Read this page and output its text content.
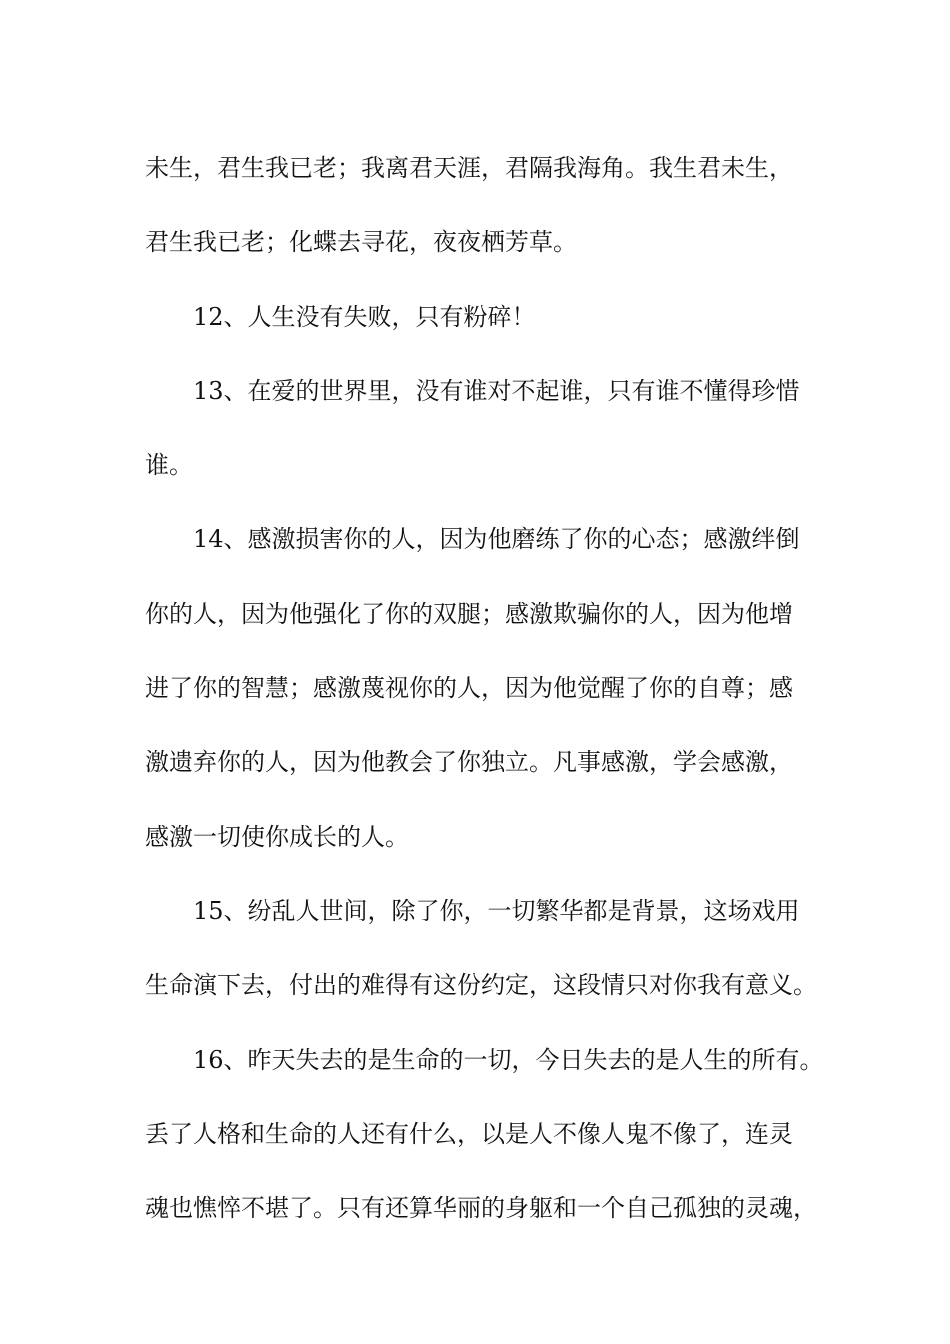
未生，君生我已老；我离君天涯，君隔我海角。我生君未生，
君生我已老；化蝶去寻花，夜夜栖芳草。

12、人生没有失败，只有粉碎！

13、在爱的世界里，没有谁对不起谁，只有谁不懂得珍惜
谁。

14、感激损害你的人，因为他磨练了你的心态；感激绊倒
你的人，因为他强化了你的双腿；感激欺骗你的人，因为他增
进了你的智慧；感激蔑视你的人，因为他觉醒了你的自尊；感
激遗弃你的人，因为他教会了你独立。凡事感激，学会感激，
感激一切使你成长的人。

15、纷乱人世间，除了你，一切繁华都是背景，这场戏用
生命演下去，付出的难得有这份约定，这段情只对你我有意义。

16、昨天失去的是生命的一切，今日失去的是人生的所有。
丢了人格和生命的人还有什么，以是人不像人鬼不像了，连灵
魂也憔悴不堪了。只有还算华丽的身躯和一个自己孤独的灵魂，
